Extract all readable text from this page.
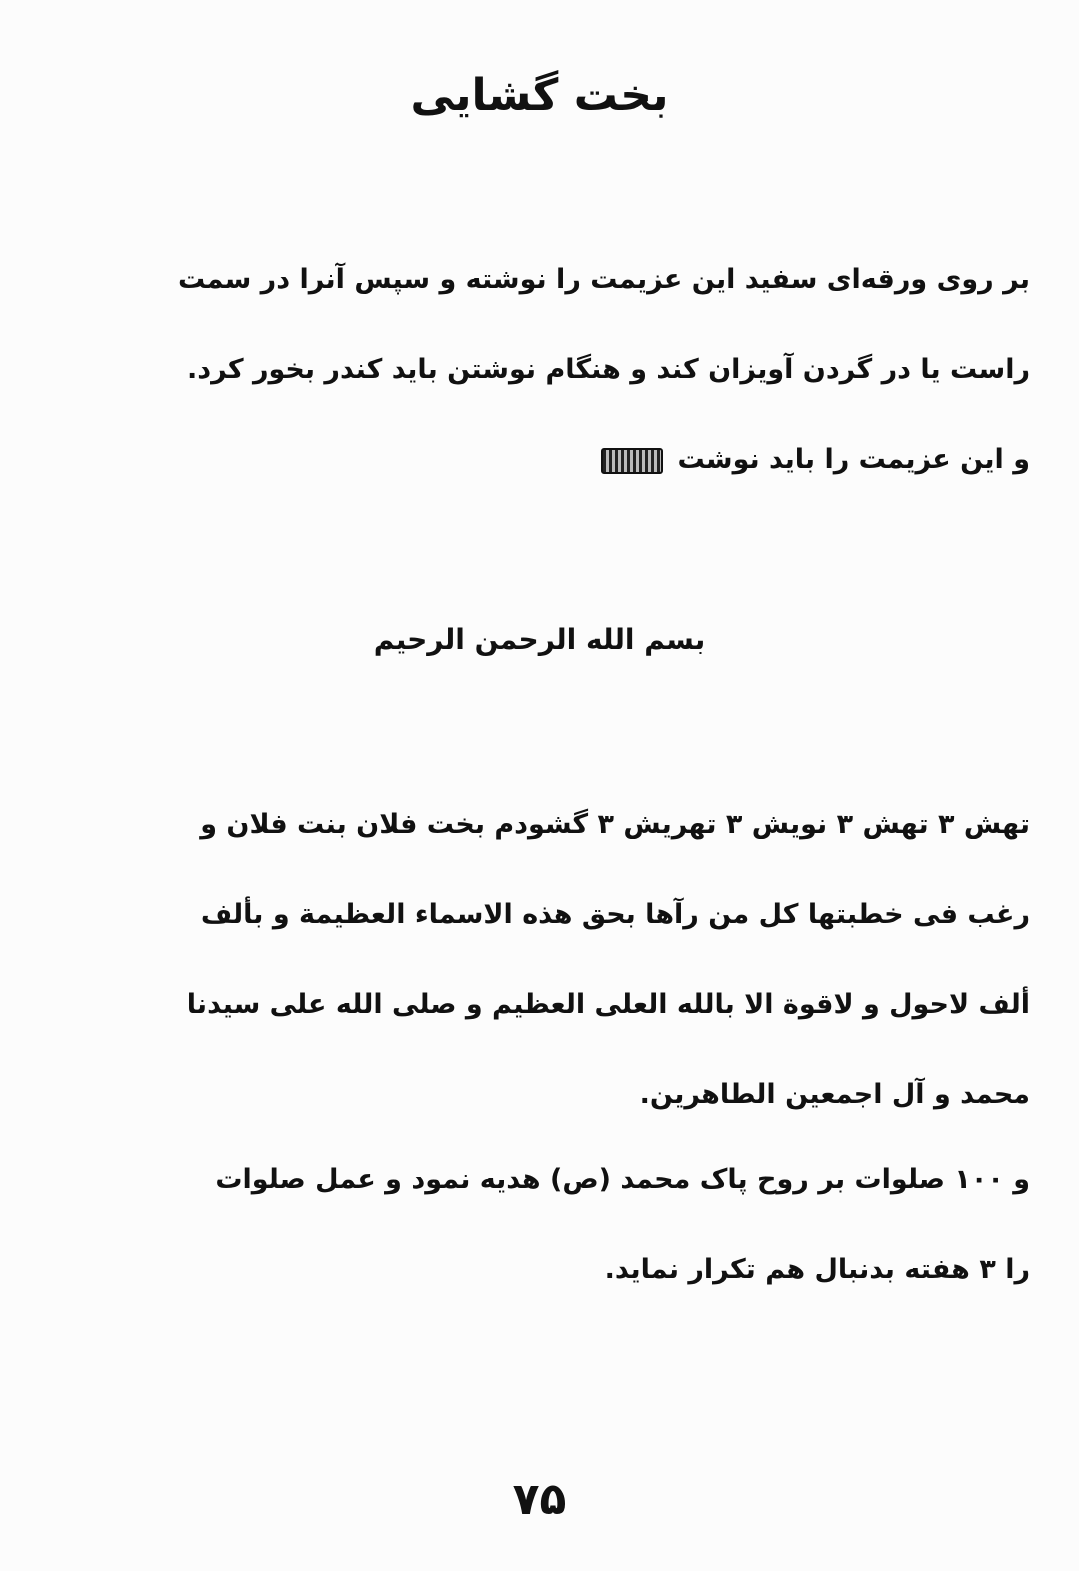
بخت گشایی
بر روی ورقه‌ای سفید این عزیمت را نوشته و سپس آنرا در سمت
راست یا در گردن آویزان کند و هنگام نوشتن باید کندر بخور کرد.
و این عزیمت را باید نوشت
بسم الله الرحمن الرحیم
تهش ۳ تهش ۳ نویش ۳ تهریش ۳ گشودم بخت فلان بنت فلان و
رغب فی خطبتها کل من رآها بحق هذه الاسماء العظیمة و بألف
ألف لاحول و لاقوة الا بالله العلی العظیم و صلی الله علی سیدنا
محمد و آل اجمعین الطاهرین.
و ۱۰۰ صلوات بر روح پاک محمد (ص) هدیه نمود و عمل صلوات
را ۳ هفته بدنبال هم تکرار نماید.
۷۵
